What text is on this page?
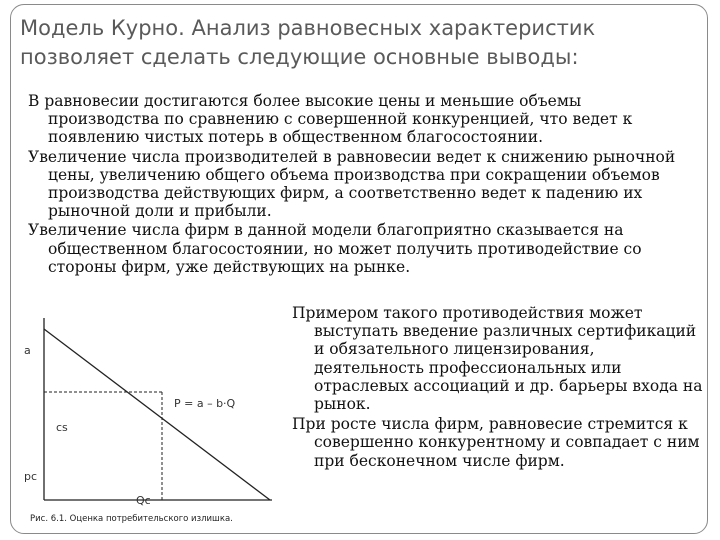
Модель Курно. Анализ равновесных характеристик позволяет сделать следующие основные выводы:

В равновесии достигаются более высокие цены и меньшие объемы производства по сравнению с совершенной конкуренцией, что ведет к появлению чистых потерь в общественном благосостоянии.

Увеличение числа производителей в равновесии ведет к снижению рыночной цены, увеличению общего объема производства при сокращении объемов производства действующих фирм, а соответственно ведет к падению их рыночной доли и прибыли.

Увеличение числа фирм в данной модели благоприятно сказывается на общественном благосостоянии, но может получить противодействие со стороны фирм, уже действующих на рынке.

Примером такого противодействия может выступать введение различных сертификаций и обязательного лицензирования, деятельность профессиональных или отраслевых ассоциаций и др. барьеры входа на рынок.

При росте числа фирм, равновесие стремится к совершенно конкурентному и совпадает с ним при бесконечном числе фирм.

a
cs
pc
Qc
P = a – b·Q
Рис. 6.1. Оценка потребительского излишка.
